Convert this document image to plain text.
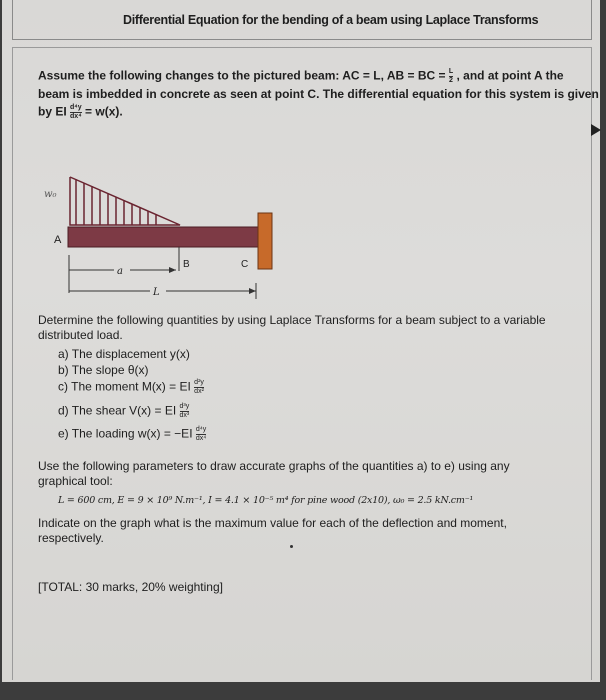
Differential Equation for the bending of a beam using Laplace Transforms
Assume the following changes to the pictured beam: AC = L, AB = BC = $\frac{L}{2}$ , and at point A the
beam is imbedded in concrete as seen at point C. The differential equation for this system is given
by EI $\frac{\text{d⁴y}}{\text{dx⁴}} = w(x)$.
w₀
A
B	C
a
L
Determine the following quantities by using Laplace Transforms for a beam subject to a variable
distributed load.
a) The displacement y(x)
b) The slope θ(x)
c) The moment M(x) = EI $\frac{\text{d²y}}{\text{dx²}}$
d) The shear V(x) = EI $\frac{\text{d³y}}{\text{dx³}}$
e) The loading $w(x) = -EI \frac{\text{d⁴y}}{\text{dx⁴}}$
Use the following parameters to draw accurate graphs of the quantities a) to e) using any
graphical tool:
L = 600 cm, E = 9 × 10⁹ N.m⁻¹, I = 4.1 × 10⁻⁵ m⁴ for pine wood (2x10), ω₀ = 2.5 kN.cm⁻¹
Indicate on the graph what is the maximum value for each of the deflection and moment,
respectively.
[TOTAL: 30 marks, 20% weighting]
